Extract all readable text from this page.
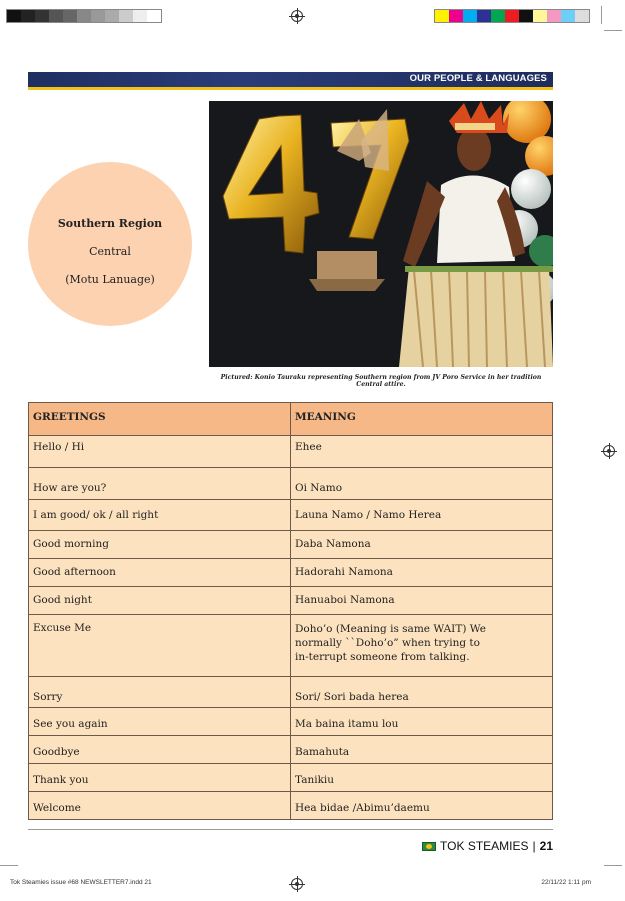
OUR PEOPLE & LANGUAGES
Southern Region
Central
(Motu Lanuage)
Pictured: Konio Tauraku representing Southern region from JV Poro Service in her tradition Central attire.
GREETINGS	MEANING
Hello / Hi	Ehee
How are you?	Oi Namo
I am good/ ok / all right	Launa Namo / Namo Herea
Good morning	Daba Namona
Good afternoon	Hadorahi Namona
Good night	Hanuaboi Namona
Excuse Me	Doho’o (Meaning is same WAIT) We normally ``Doho’o” when trying to in-terrupt someone from talking.
Sorry	Sori/ Sori bada herea
See you again	Ma baina itamu lou
Goodbye	Bamahuta
Thank you	Tanikiu
Welcome	Hea bidae /Abimu’daemu
TOK STEAMIES | 21
Tok Steamies issue #68 NEWSLETTER7.indd 21	22/11/22 1:11 pm
